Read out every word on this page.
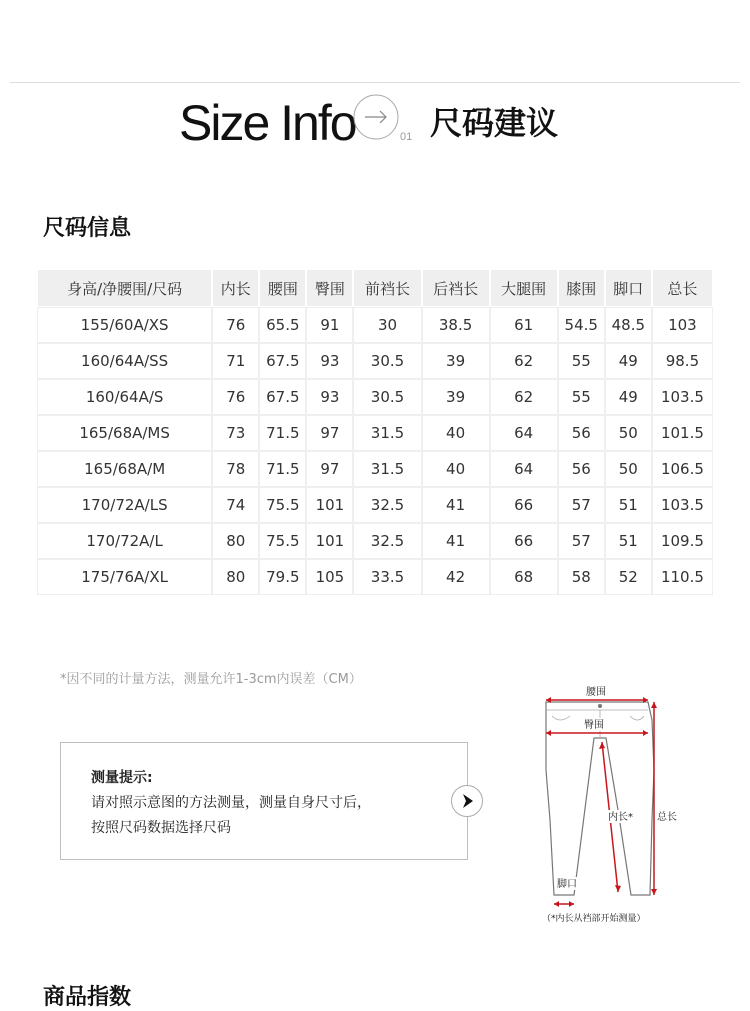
Size Info	01 尺码建议
尺码信息
身高/净腰围/尺码	内长	腰围	臀围	前裆长	后裆长	大腿围	膝围	脚口	总长
155/60A/XS	76	65.5	91	30	38.5	61	54.5	48.5	103
160/64A/SS	71	67.5	93	30.5	39	62	55	49	98.5
160/64A/S	76	67.5	93	30.5	39	62	55	49	103.5
165/68A/MS	73	71.5	97	31.5	40	64	56	50	101.5
165/68A/M	78	71.5	97	31.5	40	64	56	50	106.5
170/72A/LS	74	75.5	101	32.5	41	66	57	51	103.5
170/72A/L	80	75.5	101	32.5	41	66	57	51	109.5
175/76A/XL	80	79.5	105	33.5	42	68	58	52	110.5
*因不同的计量方法，测量允许1-3cm内误差（CM）
测量提示:
请对照示意图的方法测量，测量自身尺寸后，
按照尺码数据选择尺码
腰围
臀围
内长* 总长
脚口
（*内长从裆部开始测量）
商品指数
